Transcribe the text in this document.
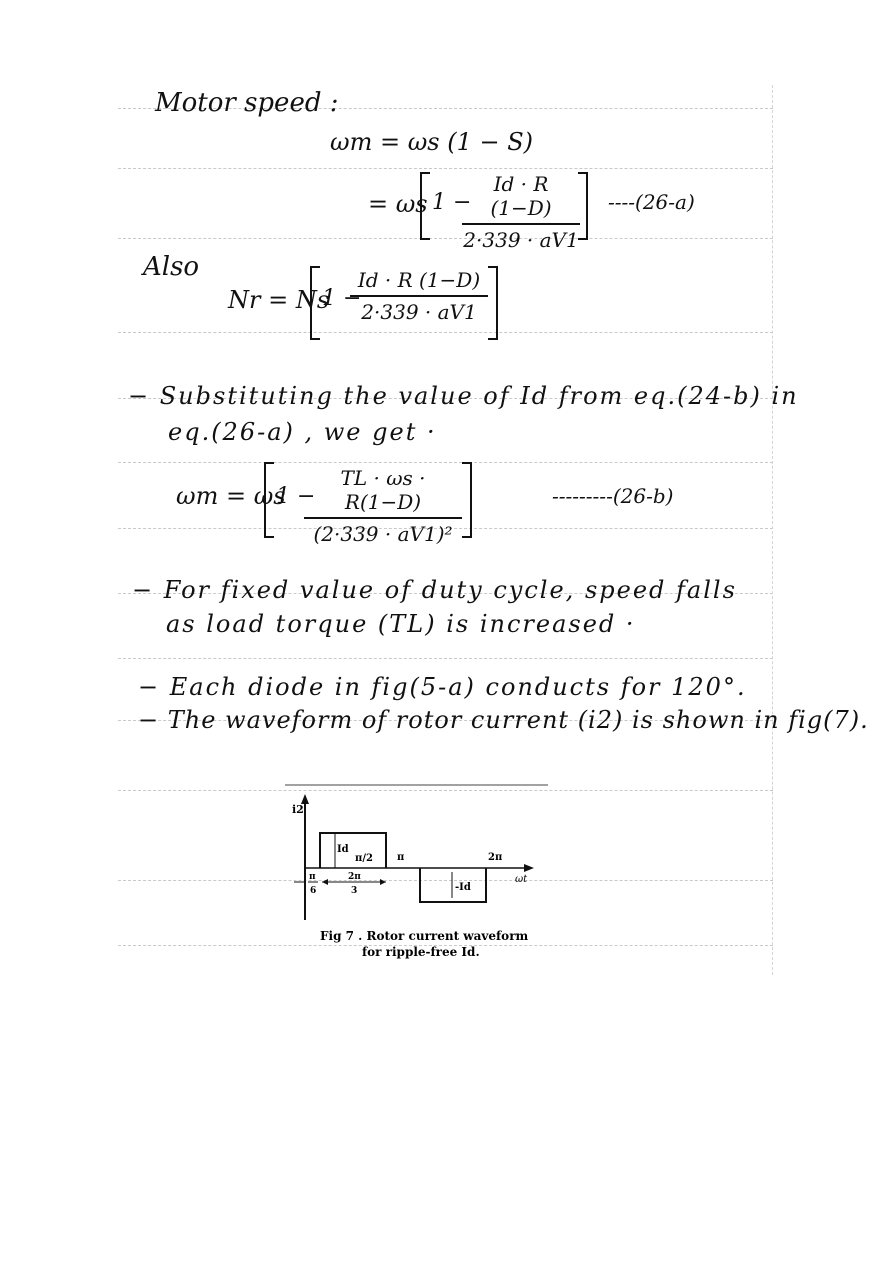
Motor speed :
ωm = ωs (1 − S)
= ωs 1 −
Id · R (1−D)
2·339 · aV1
----(26-a)
Also
Nr = Ns
1 −
Id · R (1−D)
2·339 · aV1
− Substituting the value of Id from eq.(24-b) in
eq.(26-a) , we get ·
ωm = ωs
1 −
TL · ωs · R(1−D)
(2·339 · aV1)²
---------(26-b)
− For fixed value of duty cycle, speed falls
as load torque (TL) is increased ·
− Each diode in fig(5-a) conducts for 120°.
− The waveform of rotor current (i2) is shown in fig(7).
i2
ωt
Id
π/2 π	2π
-Id
π
6
2π
3
Fig 7 . Rotor current waveform
for ripple-free Id.
